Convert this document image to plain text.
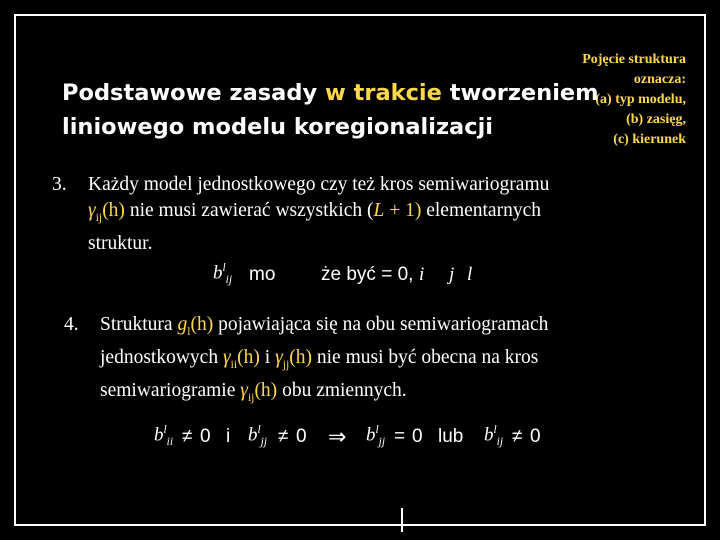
Pojęcie struktura
oznacza:
(a) typ modelu,
(b) zasięg,
(c) kierunek
Podstawowe zasady w trakcie tworzeniem
liniowego modelu koregionalizacji
3. Każdy model jednostkowego czy też kros semiwariogramu
$\gamma_{ij}(h)$ nie musi zawierać wszystkich (L + 1) elementarnych
struktur.
$b^l_{ij}$ mo że być = 0, i j l
4. Struktura $g_l(h)$ pojawiająca się na obu semiwariogramach
jednostkowych $\gamma_{ii}(h)$ i $\gamma_{jj}(h)$ nie musi być obecna na kros
semiwariogramie $\gamma_{ij}(h)$ obu zmiennych.
$b^l_{ii} \ne 0$ i $b^l_{jj} \ne 0$ ⇒ $b^l_{jj} = 0$ lub $b^l_{ij} \ne 0$
